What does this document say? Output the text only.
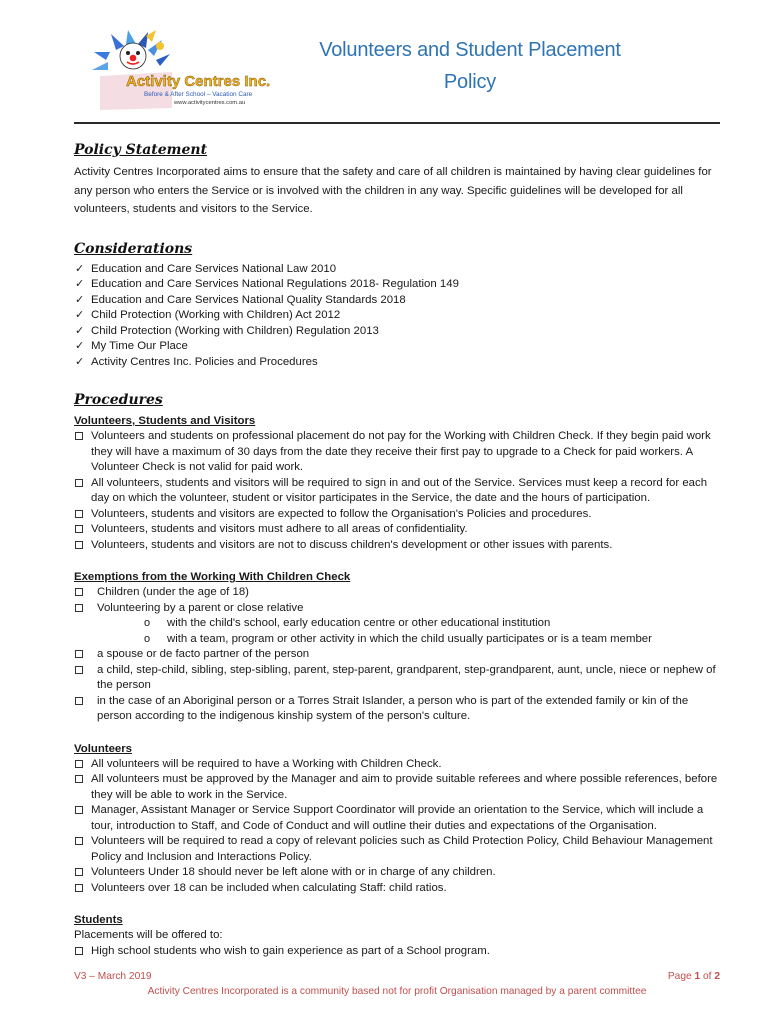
Activity Centres Inc.
Before & After School – Vacation Care
www.activitycentres.com.au
Volunteers and Student Placement
Policy
Policy Statement

Activity Centres Incorporated aims to ensure that the safety and care of all children is maintained by having clear guidelines for any person who enters the Service or is involved with the children in any way. Specific guidelines will be developed for all volunteers, students and visitors to the Service.

Considerations
✓ Education and Care Services National Law 2010
✓ Education and Care Services National Regulations 2018- Regulation 149
✓ Education and Care Services National Quality Standards 2018
✓ Child Protection (Working with Children) Act 2012
✓ Child Protection (Working with Children) Regulation 2013
✓ My Time Our Place
✓ Activity Centres Inc. Policies and Procedures
Procedures
Volunteers, Students and Visitors
Volunteers and students on professional placement do not pay for the Working with Children Check. If they begin paid work they will have a maximum of 30 days from the date they receive their first pay to upgrade to a Check for paid workers. A Volunteer Check is not valid for paid work.
All volunteers, students and visitors will be required to sign in and out of the Service. Services must keep a record for each day on which the volunteer, student or visitor participates in the Service, the date and the hours of participation.
Volunteers, students and visitors are expected to follow the Organisation's Policies and procedures.
Volunteers, students and visitors must adhere to all areas of confidentiality.
Volunteers, students and visitors are not to discuss children's development or other issues with parents.
Exemptions from the Working With Children Check
Children (under the age of 18)
Volunteering by a parent or close relative
o with the child's school, early education centre or other educational institution
o with a team, program or other activity in which the child usually participates or is a team member
a spouse or de facto partner of the person
a child, step-child, sibling, step-sibling, parent, step-parent, grandparent, step-grandparent, aunt, uncle, niece or nephew of the person
in the case of an Aboriginal person or a Torres Strait Islander, a person who is part of the extended family or kin of the person according to the indigenous kinship system of the person's culture.
Volunteers
All volunteers will be required to have a Working with Children Check.
All volunteers must be approved by the Manager and aim to provide suitable referees and where possible references, before they will be able to work in the Service.
Manager, Assistant Manager or Service Support Coordinator will provide an orientation to the Service, which will include a tour, introduction to Staff, and Code of Conduct and will outline their duties and expectations of the Organisation.
Volunteers will be required to read a copy of relevant policies such as Child Protection Policy, Child Behaviour Management Policy and Inclusion and Interactions Policy.
Volunteers Under 18 should never be left alone with or in charge of any children.
Volunteers over 18 can be included when calculating Staff: child ratios.
Students

Placements will be offered to:

High school students who wish to gain experience as part of a School program.
V3 – March 2019	Page 1 of 2
Activity Centres Incorporated is a community based not for profit Organisation managed by a parent committee
